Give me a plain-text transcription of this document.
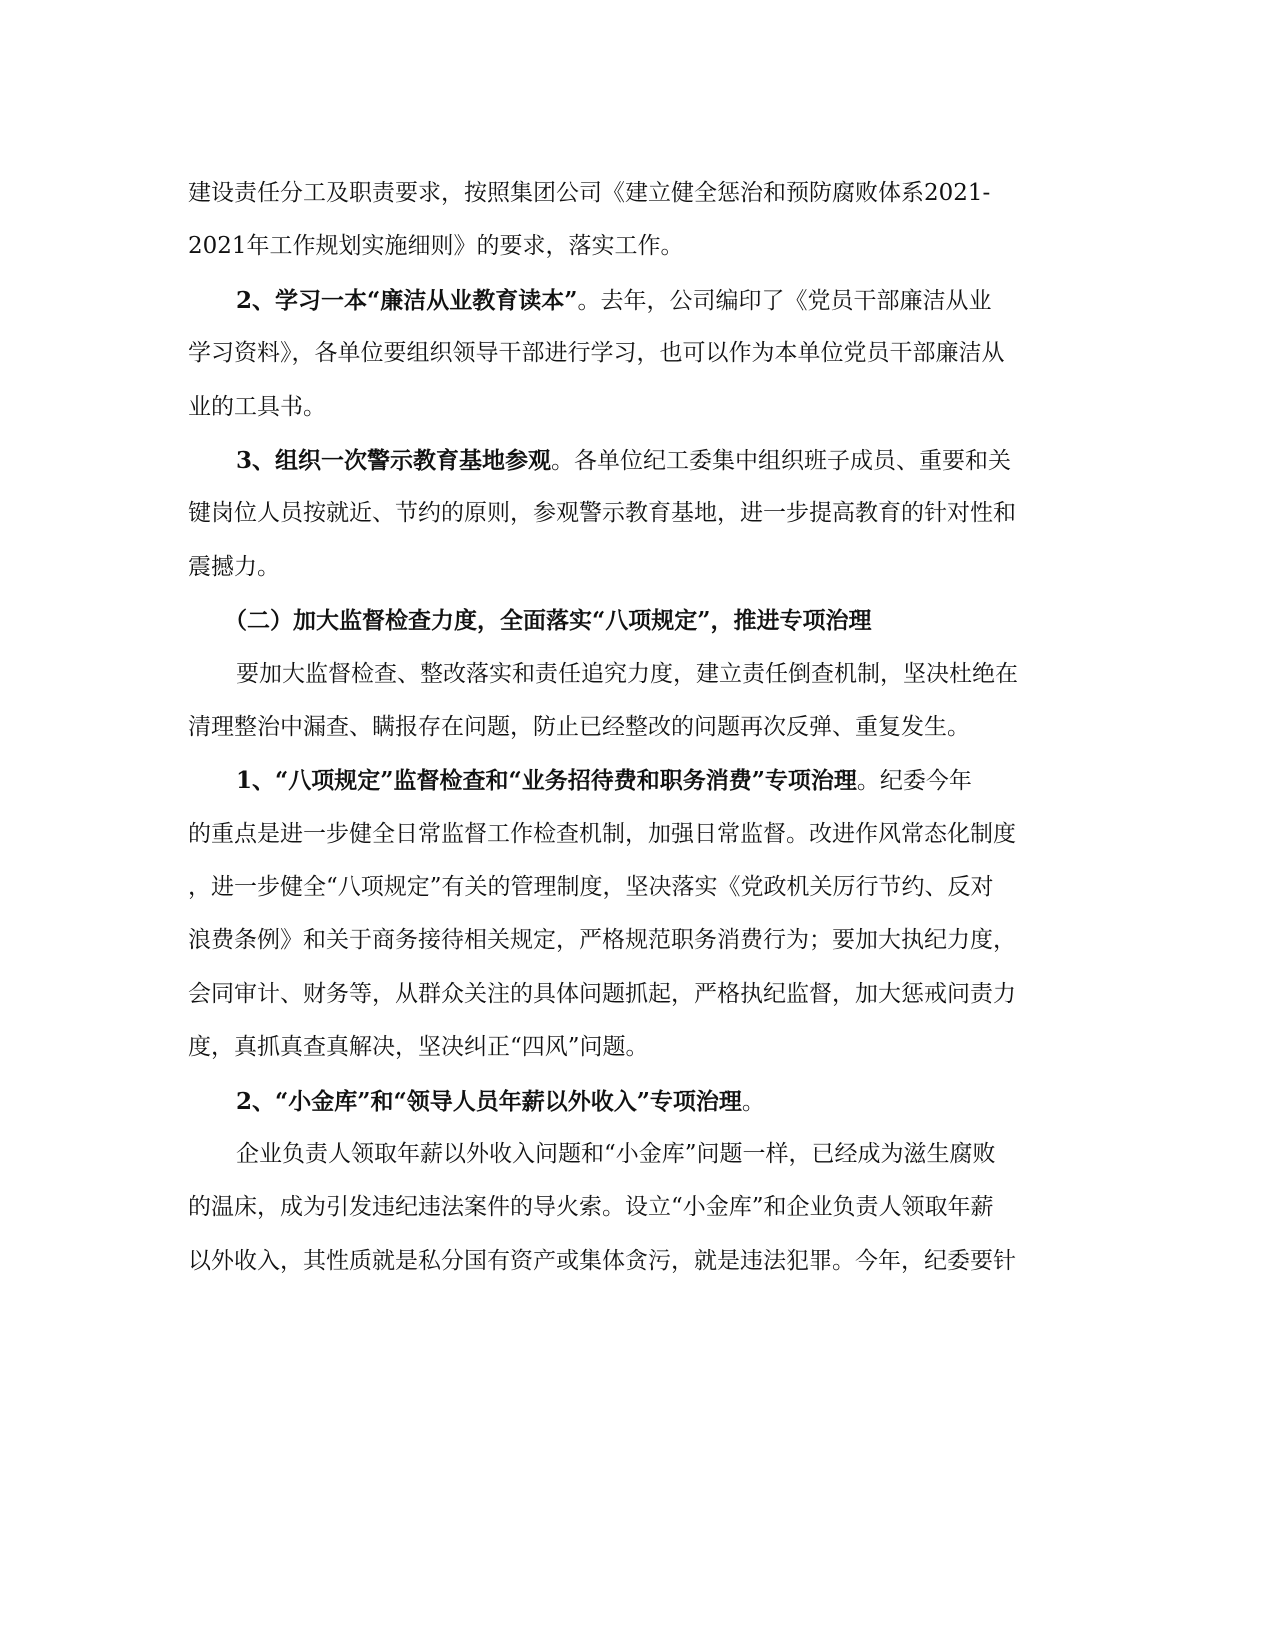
建设责任分工及职责要求，按照集团公司《建立健全惩治和预防腐败体系2021-
2021年工作规划实施细则》的要求，落实工作。
2、学习一本“廉洁从业教育读本”。去年，公司编印了《党员干部廉洁从业
学习资料》，各单位要组织领导干部进行学习，也可以作为本单位党员干部廉洁从
业的工具书。
3、组织一次警示教育基地参观。各单位纪工委集中组织班子成员、重要和关
键岗位人员按就近、节约的原则，参观警示教育基地，进一步提高教育的针对性和
震撼力。
（二）加大监督检查力度，全面落实“八项规定”，推进专项治理
要加大监督检查、整改落实和责任追究力度，建立责任倒查机制，坚决杜绝在
清理整治中漏查、瞒报存在问题，防止已经整改的问题再次反弹、重复发生。
1、“八项规定”监督检查和“业务招待费和职务消费”专项治理。纪委今年
的重点是进一步健全日常监督工作检查机制，加强日常监督。改进作风常态化制度
，进一步健全“八项规定”有关的管理制度，坚决落实《党政机关厉行节约、反对
浪费条例》和关于商务接待相关规定，严格规范职务消费行为；要加大执纪力度，
会同审计、财务等，从群众关注的具体问题抓起，严格执纪监督，加大惩戒问责力
度，真抓真查真解决，坚决纠正“四风”问题。
2、“小金库”和“领导人员年薪以外收入”专项治理。
企业负责人领取年薪以外收入问题和“小金库”问题一样，已经成为滋生腐败
的温床，成为引发违纪违法案件的导火索。设立“小金库”和企业负责人领取年薪
以外收入，其性质就是私分国有资产或集体贪污，就是违法犯罪。今年，纪委要针
